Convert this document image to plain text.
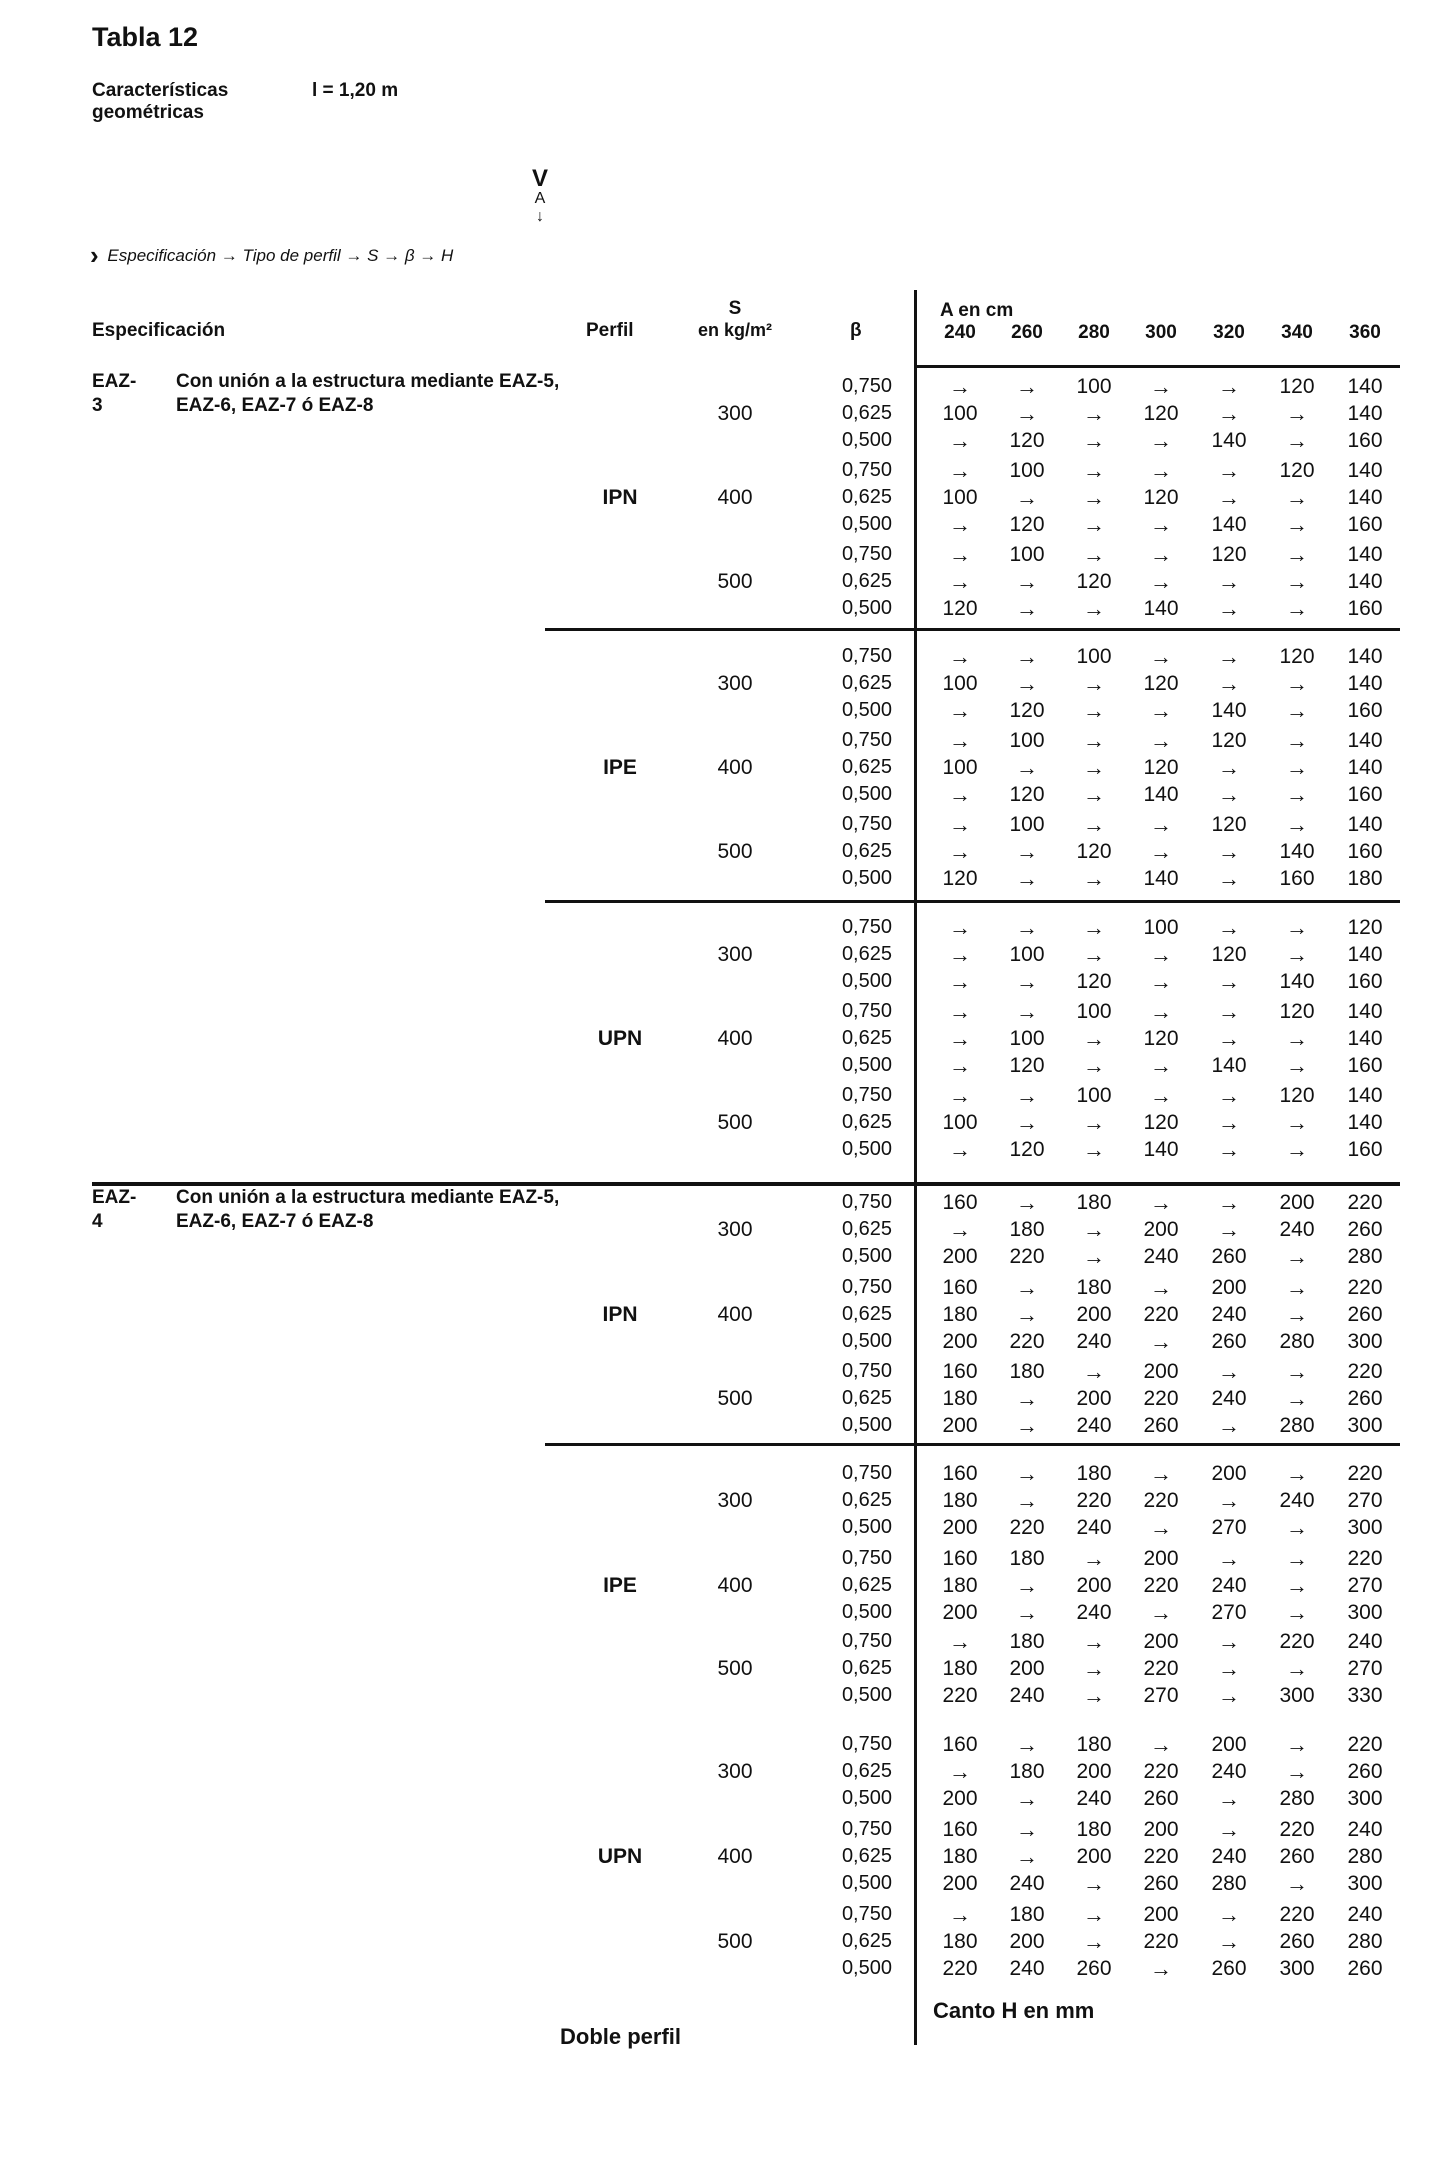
Tabla 12
Características
geométricas
l = 1,20 m
V
A
↓
› Especificación → Tipo de perfil → S → β → H
Especificación	Perfil
S
en kg/m²	β
A en cm
240	260	280	300	320	340	360
EAZ-3
Con unión a la estructura mediante EAZ-5, EAZ-6, EAZ-7 ó EAZ-8
IPN
300
0,750	→	→	100	→	→	120	140
0,625	100	→	→	120	→	→	140
0,500	→	120	→	→	140	→	160
400
0,750	→	100	→	→	→	120	140
0,625	100	→	→	120	→	→	140
0,500	→	120	→	→	140	→	160
500
0,750	→	100	→	→	120	→	140
0,625	→	→	120	→	→	→	140
0,500	120	→	→	140	→	→	160
IPE
300
0,750	→	→	100	→	→	120	140
0,625	100	→	→	120	→	→	140
0,500	→	120	→	→	140	→	160
400
0,750	→	100	→	→	120	→	140
0,625	100	→	→	120	→	→	140
0,500	→	120	→	140	→	→	160
500
0,750	→	100	→	→	120	→	140
0,625	→	→	120	→	→	140	160
0,500	120	→	→	140	→	160	180
UPN
300
0,750	→	→	→	100	→	→	120
0,625	→	100	→	→	120	→	140
0,500	→	→	120	→	→	140	160
400
0,750	→	→	100	→	→	120	140
0,625	→	100	→	120	→	→	140
0,500	→	120	→	→	140	→	160
500
0,750	→	→	100	→	→	120	140
0,625	100	→	→	120	→	→	140
0,500	→	120	→	140	→	→	160
EAZ-4
Con unión a la estructura mediante EAZ-5, EAZ-6, EAZ-7 ó EAZ-8
IPN
300
0,750	160	→	180	→	→	200	220
0,625	→	180	→	200	→	240	260
0,500	200	220	→	240	260	→	280
400
0,750	160	→	180	→	200	→	220
0,625	180	→	200	220	240	→	260
0,500	200	220	240	→	260	280	300
500
0,750	160	180	→	200	→	→	220
0,625	180	→	200	220	240	→	260
0,500	200	→	240	260	→	280	300
IPE
300
0,750	160	→	180	→	200	→	220
0,625	180	→	220	220	→	240	270
0,500	200	220	240	→	270	→	300
400
0,750	160	180	→	200	→	→	220
0,625	180	→	200	220	240	→	270
0,500	200	→	240	→	270	→	300
500
0,750	→	180	→	200	→	220	240
0,625	180	200	→	220	→	→	270
0,500	220	240	→	270	→	300	330
UPN
300
0,750	160	→	180	→	200	→	220
0,625	→	180	200	220	240	→	260
0,500	200	→	240	260	→	280	300
400
0,750	160	→	180	200	→	220	240
0,625	180	→	200	220	240	260	280
0,500	200	240	→	260	280	→	300
500
0,750	→	180	→	200	→	220	240
0,625	180	200	→	220	→	260	280
0,500	220	240	260	→	260	300	260
Canto H en mm
Doble perfil
